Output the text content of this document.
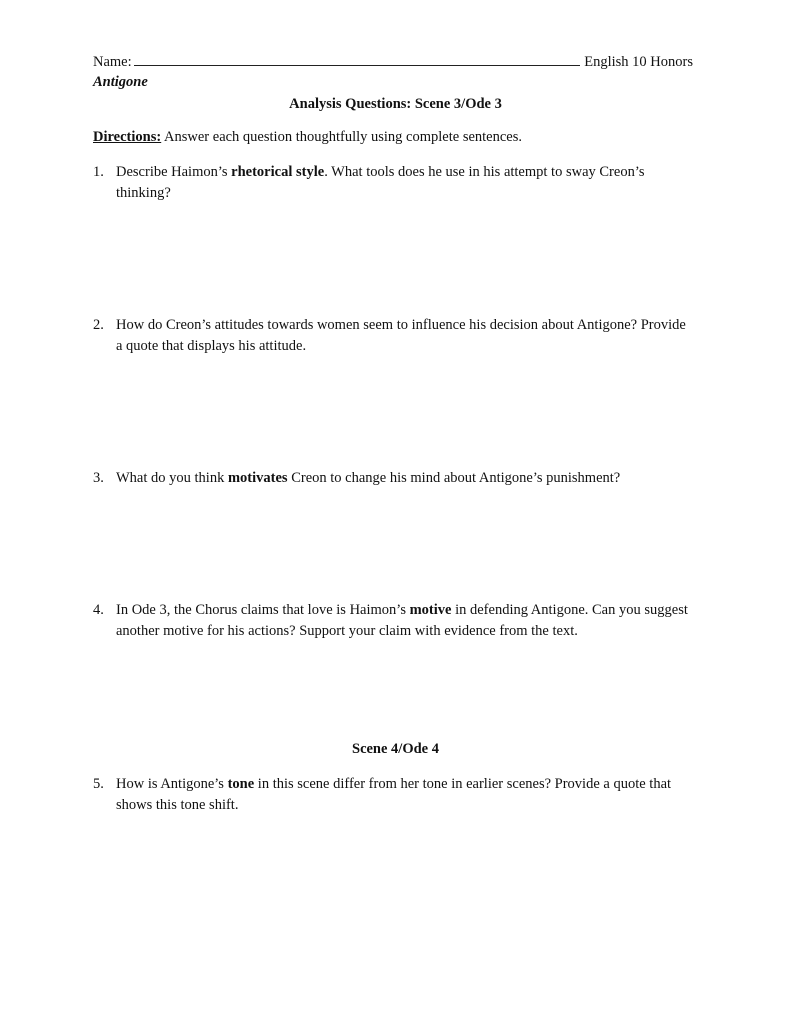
Name:	English 10 Honors
Antigone
Analysis Questions: Scene 3/Ode 3
Directions: Answer each question thoughtfully using complete sentences.
1. Describe Haimon’s rhetorical style. What tools does he use in his attempt to sway Creon’s thinking?
2. How do Creon’s attitudes towards women seem to influence his decision about Antigone? Provide a quote that displays his attitude.
3. What do you think motivates Creon to change his mind about Antigone’s punishment?
4. In Ode 3, the Chorus claims that love is Haimon’s motive in defending Antigone. Can you suggest another motive for his actions? Support your claim with evidence from the text.
Scene 4/Ode 4
5. How is Antigone’s tone in this scene differ from her tone in earlier scenes? Provide a quote that shows this tone shift.
